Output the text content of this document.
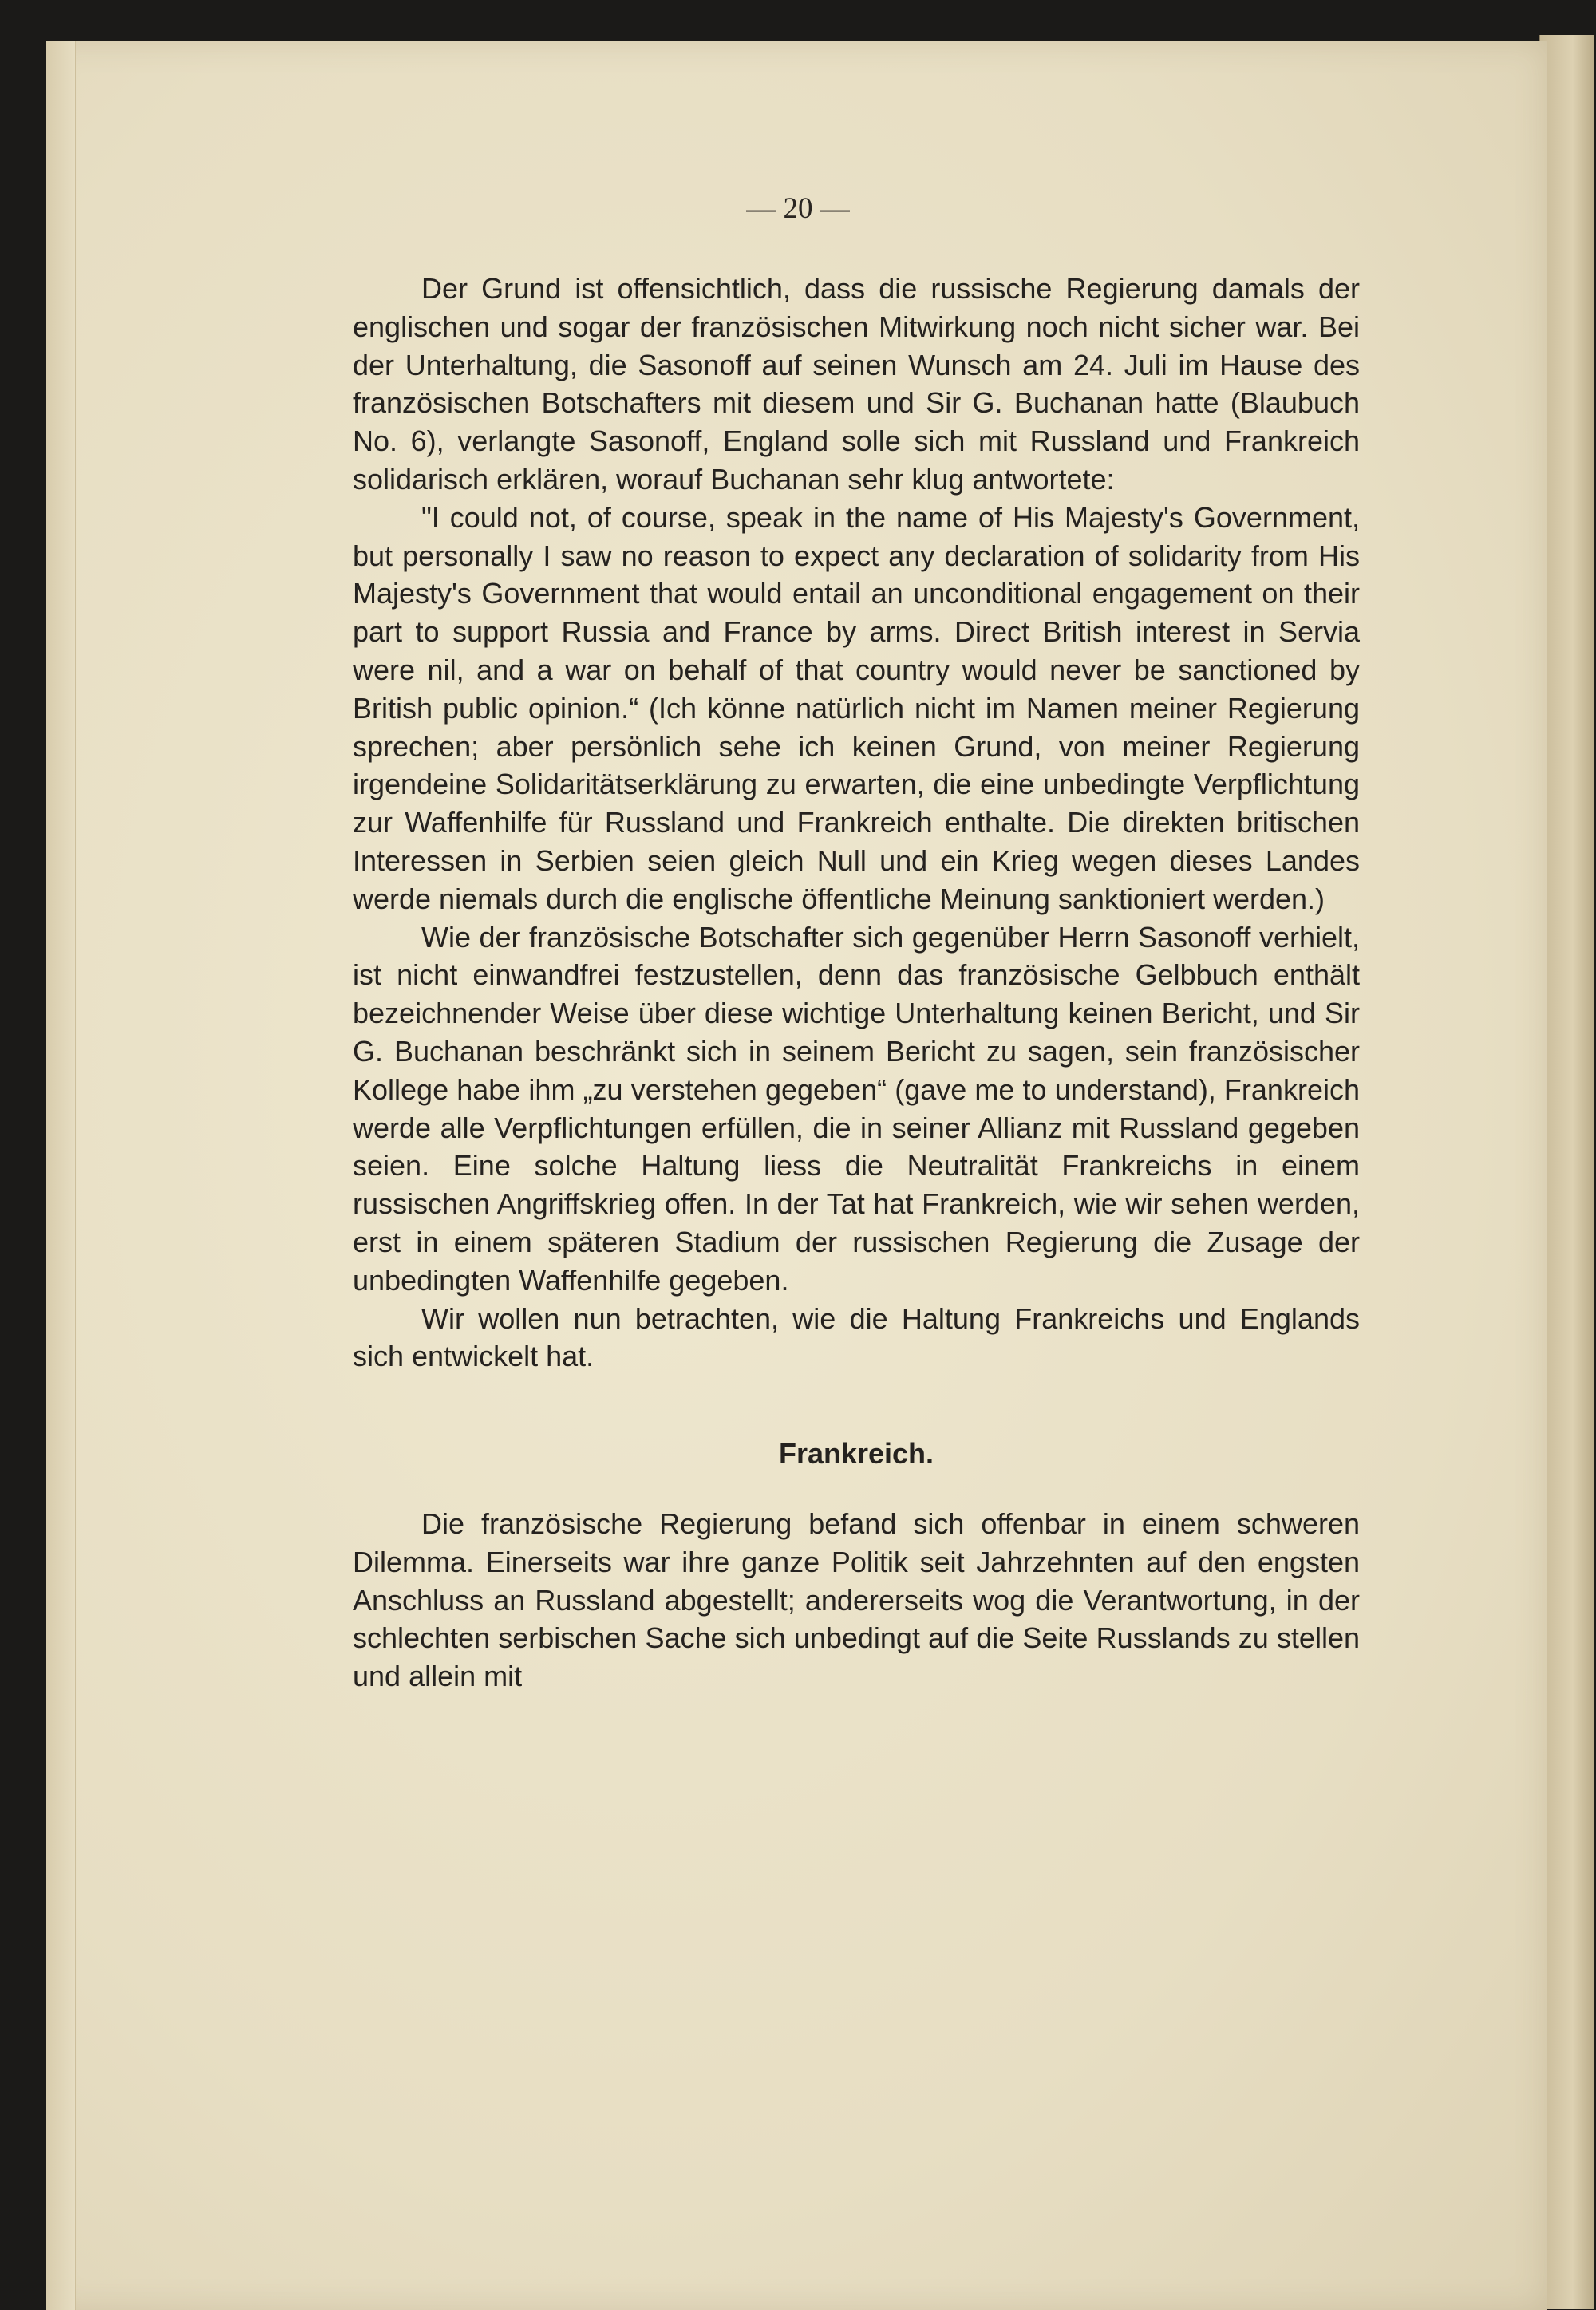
— 20 —

Der Grund ist offensichtlich, dass die russische Regierung damals der englischen und sogar der französischen Mitwirkung noch nicht sicher war. Bei der Unterhaltung, die Sasonoff auf seinen Wunsch am 24. Juli im Hause des französischen Botschafters mit diesem und Sir G. Buchanan hatte (Blaubuch No. 6), verlangte Sasonoff, England solle sich mit Russland und Frankreich solidarisch erklären, worauf Buchanan sehr klug antwortete:

"I could not, of course, speak in the name of His Majesty's Government, but personally I saw no reason to expect any declaration of solidarity from His Majesty's Government that would entail an unconditional engagement on their part to support Russia and France by arms. Direct British interest in Servia were nil, and a war on behalf of that country would never be sanctioned by British public opinion.“ (Ich könne natürlich nicht im Namen meiner Regierung sprechen; aber persönlich sehe ich keinen Grund, von meiner Regierung irgendeine Solidaritätserklärung zu erwarten, die eine unbedingte Verpflichtung zur Waffenhilfe für Russland und Frankreich enthalte. Die direkten britischen Interessen in Serbien seien gleich Null und ein Krieg wegen dieses Landes werde niemals durch die englische öffentliche Meinung sanktioniert werden.)

Wie der französische Botschafter sich gegenüber Herrn Sasonoff verhielt, ist nicht einwandfrei festzustellen, denn das französische Gelbbuch enthält bezeichnender Weise über diese wichtige Unterhaltung keinen Bericht, und Sir G. Buchanan beschränkt sich in seinem Bericht zu sagen, sein französischer Kollege habe ihm „zu verstehen gegeben“ (gave me to understand), Frankreich werde alle Verpflichtungen erfüllen, die in seiner Allianz mit Russland gegeben seien. Eine solche Haltung liess die Neutralität Frankreichs in einem russischen Angriffskrieg offen. In der Tat hat Frankreich, wie wir sehen werden, erst in einem späteren Stadium der russischen Regierung die Zusage der unbedingten Waffenhilfe gegeben.

Wir wollen nun betrachten, wie die Haltung Frankreichs und Englands sich entwickelt hat.

Frankreich.

Die französische Regierung befand sich offenbar in einem schweren Dilemma. Einerseits war ihre ganze Politik seit Jahrzehnten auf den engsten Anschluss an Russland abgestellt; andererseits wog die Verantwortung, in der schlechten serbischen Sache sich unbedingt auf die Seite Russlands zu stellen und allein mit
